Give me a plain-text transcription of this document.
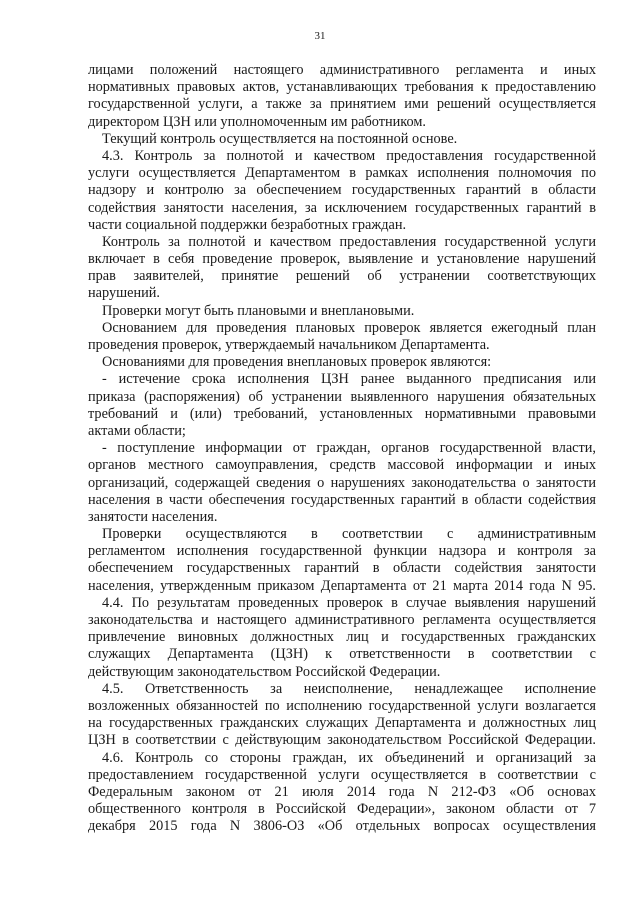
31
лицами положений настоящего административного регламента и иных
нормативных правовых актов, устанавливающих требования к предоставлению
государственной услуги, а также за принятием ими решений осуществляется
директором ЦЗН или уполномоченным им работником.
Текущий контроль осуществляется на постоянной основе.
4.3. Контроль за полнотой и качеством предоставления государственной
услуги осуществляется Департаментом в рамках исполнения полномочия по
надзору и контролю за обеспечением государственных гарантий в области
содействия занятости населения, за исключением государственных гарантий в
части социальной поддержки безработных граждан.
Контроль за полнотой и качеством предоставления государственной услуги
включает в себя проведение проверок, выявление и установление нарушений
прав заявителей, принятие решений об устранении соответствующих
нарушений.
Проверки могут быть плановыми и внеплановыми.
Основанием для проведения плановых проверок является ежегодный план
проведения проверок, утверждаемый начальником Департамента.
Основаниями для проведения внеплановых проверок являются:
- истечение срока исполнения ЦЗН ранее выданного предписания или
приказа (распоряжения) об устранении выявленного нарушения обязательных
требований и (или) требований, установленных нормативными правовыми
актами области;
- поступление информации от граждан, органов государственной власти,
органов местного самоуправления, средств массовой информации и иных
организаций, содержащей сведения о нарушениях законодательства о занятости
населения в части обеспечения государственных гарантий в области содействия
занятости населения.
Проверки осуществляются в соответствии с административным
регламентом исполнения государственной функции надзора и контроля за
обеспечением государственных гарантий в области содействия занятости
населения, утвержденным приказом Департамента от 21 марта 2014 года N 95.
4.4. По результатам проведенных проверок в случае выявления нарушений
законодательства и настоящего административного регламента осуществляется
привлечение виновных должностных лиц и государственных гражданских
служащих Департамента (ЦЗН) к ответственности в соответствии с
действующим законодательством Российской Федерации.
4.5. Ответственность за неисполнение, ненадлежащее исполнение
возложенных обязанностей по исполнению государственной услуги возлагается
на государственных гражданских служащих Департамента и должностных лиц
ЦЗН в соответствии с действующим законодательством Российской Федерации.
4.6. Контроль со стороны граждан, их объединений и организаций за
предоставлением государственной услуги осуществляется в соответствии с
Федеральным законом от 21 июля 2014 года N 212-ФЗ «Об основах
общественного контроля в Российской Федерации», законом области от 7
декабря 2015 года N 3806-ОЗ «Об отдельных вопросах осуществления
